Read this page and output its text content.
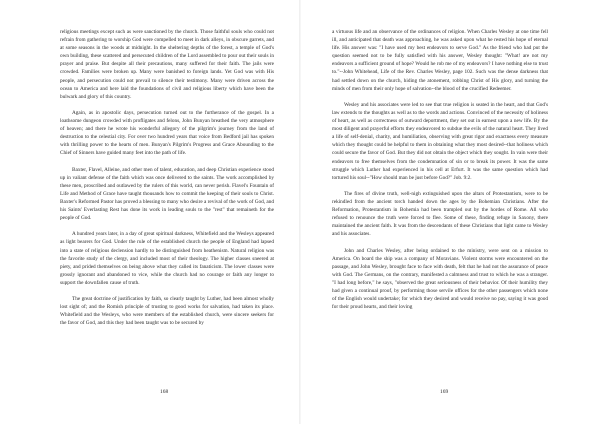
religious meetings except such as were sanctioned by the church. Those faithful souls who could not refrain from gathering to worship God were compelled to meet in dark alleys, in obscure garrets, and at some seasons in the woods at midnight. In the sheltering depths of the forest, a temple of God's own building, these scattered and persecuted children of the Lord assembled to pour out their souls in prayer and praise. But despite all their precautions, many suffered for their faith. The jails were crowded. Families were broken up. Many were banished to foreign lands. Yet God was with His people, and persecution could not prevail to silence their testimony. Many were driven across the ocean to America and here laid the foundations of civil and religious liberty which have been the bulwark and glory of this country.

Again, as in apostolic days, persecution turned out to the furtherance of the gospel. In a loathsome dungeon crowded with profligates and felons, John Bunyan breathed the very atmosphere of heaven; and there he wrote his wonderful allegory of the pilgrim's journey from the land of destruction to the celestial city. For over two hundred years that voice from Bedford jail has spoken with thrilling power to the hearts of men. Bunyan's Pilgrim's Progress and Grace Abounding to the Chief of Sinners have guided many feet into the path of life.

Baxter, Flavel, Alleine, and other men of talent, education, and deep Christian experience stood up in valiant defense of the faith which was once delivered to the saints. The work accomplished by these men, proscribed and outlawed by the rulers of this world, can never perish. Flavel's Fountain of Life and Method of Grace have taught thousands how to commit the keeping of their souls to Christ. Baxter's Reformed Pastor has proved a blessing to many who desire a revival of the work of God, and his Saints' Everlasting Rest has done its work in leading souls to the "rest" that remaineth for the people of God.

A hundred years later, in a day of great spiritual darkness, Whitefield and the Wesleys appeared as light bearers for God. Under the rule of the established church the people of England had lapsed into a state of religious declension hardly to be distinguished from heathenism. Natural religion was the favorite study of the clergy, and included most of their theology. The higher classes sneered at piety, and prided themselves on being above what they called its fanaticism. The lower classes were grossly ignorant and abandoned to vice, while the church had no courage or faith any longer to support the downfallen cause of truth.

The great doctrine of justification by faith, so clearly taught by Luther, had been almost wholly lost sight of; and the Romish principle of trusting to good works for salvation, had taken its place. Whitefield and the Wesleys, who were members of the established church, were sincere seekers for the favor of God, and this they had been taught was to be secured by

168

a virtuous life and an observance of the ordinances of religion. When Charles Wesley at one time fell ill, and anticipated that death was approaching, he was asked upon what he rested his hope of eternal life. His answer was: "I have used my best endeavors to serve God." As the friend who had put the question seemed not to be fully satisfied with his answer, Wesley thought: "What! are not my endeavors a sufficient ground of hope? Would he rob me of my endeavors? I have nothing else to trust to."--John Whitehead, Life of the Rev. Charles Wesley, page 102. Such was the dense darkness that had settled down on the church, hiding the atonement, robbing Christ of His glory, and turning the minds of men from their only hope of salvation--the blood of the crucified Redeemer.

Wesley and his associates were led to see that true religion is seated in the heart, and that God's law extends to the thoughts as well as to the words and actions. Convinced of the necessity of holiness of heart, as well as correctness of outward deportment, they set out in earnest upon a new life. By the most diligent and prayerful efforts they endeavored to subdue the evils of the natural heart. They lived a life of self-denial, charity, and humiliation, observing with great rigor and exactness every measure which they thought could be helpful to them in obtaining what they most desired--that holiness which could secure the favor of God. But they did not obtain the object which they sought. In vain were their endeavors to free themselves from the condemnation of sin or to break its power. It was the same struggle which Luther had experienced in his cell at Erfurt. It was the same question which had tortured his soul--"How should man be just before God?" Job. 9:2.

The fires of divine truth, well-nigh extinguished upon the altars of Protestantism, were to be rekindled from the ancient torch handed down the ages by the Bohemian Christians. After the Reformation, Protestantism in Bohemia had been trampled out by the hordes of Rome. All who refused to renounce the truth were forced to flee. Some of these, finding refuge in Saxony, there maintained the ancient faith. It was from the descendants of these Christians that light came to Wesley and his associates.

John and Charles Wesley, after being ordained to the ministry, were sent on a mission to America. On board the ship was a company of Moravians. Violent storms were encountered on the passage, and John Wesley, brought face to face with death, felt that he had not the assurance of peace with God. The Germans, on the contrary, manifested a calmness and trust to which he was a stranger. "I had long before," he says, "observed the great seriousness of their behavior. Of their humility they had given a continual proof, by performing those servile offices for the other passengers which none of the English would undertake; for which they desired and would receive no pay, saying it was good for their proud hearts, and their loving

169
